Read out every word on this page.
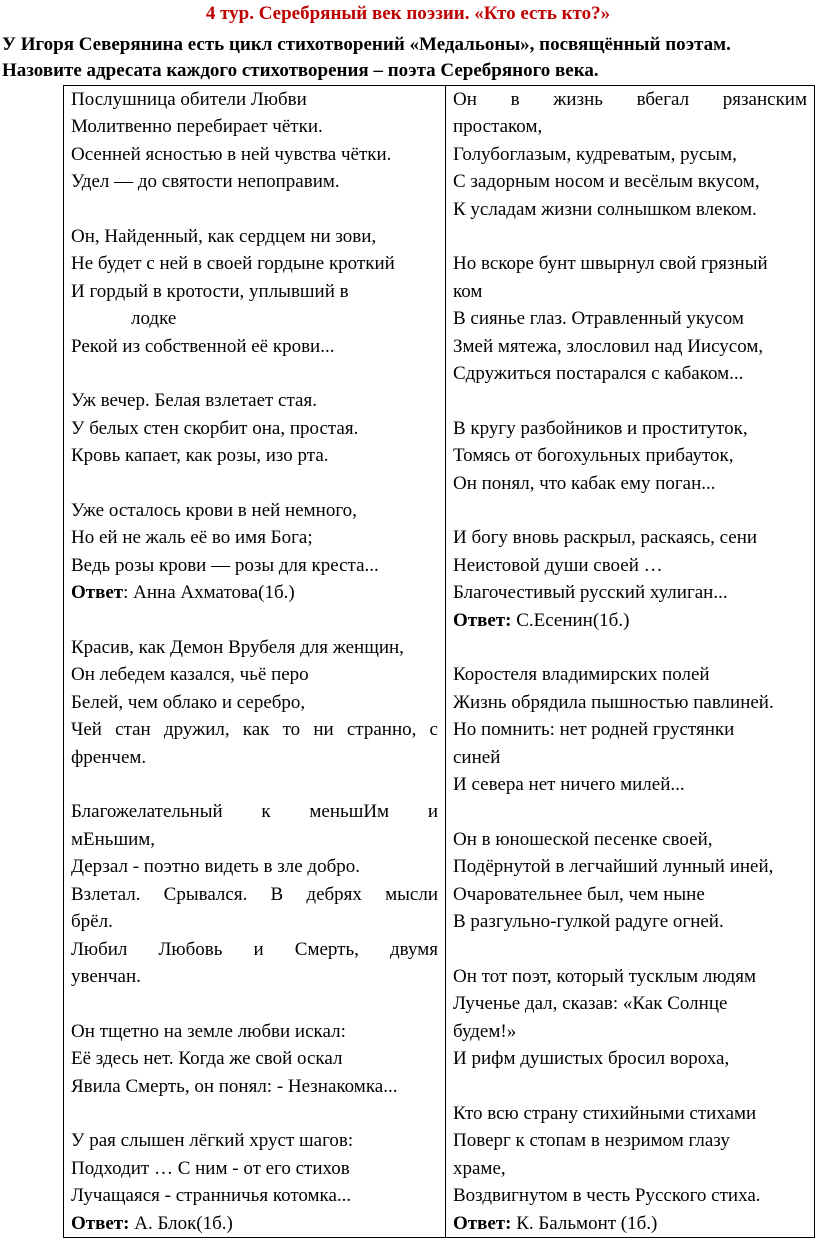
4 тур. Серебряный век поэзии. «Кто есть кто?»

У Игоря Северянина есть цикл стихотворений «Медальоны», посвящённый поэтам.

Назовите адресата каждого стихотворения – поэта Серебряного века.

Послушница обители Любви
Молитвенно перебирает чётки.
Осенней ясностью в ней чувства чётки.
Удел — до святости непоправим.
Он, Найденный, как сердцем ни зови,
Не будет с ней в своей гордыне кроткий
И гордый в кротости, уплывший в
лодке
Рекой из собственной её крови...
Уж вечер. Белая взлетает стая.
У белых стен скорбит она, простая.
Кровь капает, как розы, изо рта.
Уже осталось крови в ней немного,
Но ей не жаль её во имя Бога;
Ведь розы крови — розы для креста...
Ответ: Анна Ахматова(1б.)
Красив, как Демон Врубеля для женщин,
Он лебедем казался, чьё перо
Белей, чем облако и серебро,
Чей стан дружил, как то ни странно, с
френчем.
Благожелательный к меньшИм и
мЕньшим,
Дерзал - поэтно видеть в зле добро.
Взлетал. Срывался. В дебрях мысли
брёл.
Любил Любовь и Смерть, двумя
увенчан.
Он тщетно на земле любви искал:
Её здесь нет. Когда же свой оскал
Явила Смерть, он понял: - Незнакомка...
У рая слышен лёгкий хруст шагов:
Подходит … С ним - от его стихов
Лучащаяся - странничья котомка...
Ответ: А. Блок(1б.)

Он в жизнь вбегал рязанским
простаком,
Голубоглазым, кудреватым, русым,
С задорным носом и весёлым вкусом,
К усладам жизни солнышком влеком.
Но вскоре бунт швырнул свой грязный
ком
В сиянье глаз. Отравленный укусом
Змей мятежа, злословил над Иисусом,
Сдружиться постарался с кабаком...
В кругу разбойников и проституток,
Томясь от богохульных прибауток,
Он понял, что кабак ему поган...
И богу вновь раскрыл, раскаясь, сени
Неистовой души своей …
Благочестивый русский хулиган...
Ответ: С.Есенин(1б.)
Коростеля владимирских полей
Жизнь обрядила пышностью павлиней.
Но помнить: нет родней грустянки
синей
И севера нет ничего милей...
Он в юношеской песенке своей,
Подёрнутой в легчайший лунный иней,
Очаровательнее был, чем ныне
В разгульно-гулкой радуге огней.
Он тот поэт, который тусклым людям
Лученье дал, сказав: «Как Солнце
будем!»
И рифм душистых бросил вороха,
Кто всю страну стихийными стихами
Поверг к стопам в незримом глазу
храме,
Воздвигнутом в честь Русского стиха.
Ответ: К. Бальмонт (1б.)
